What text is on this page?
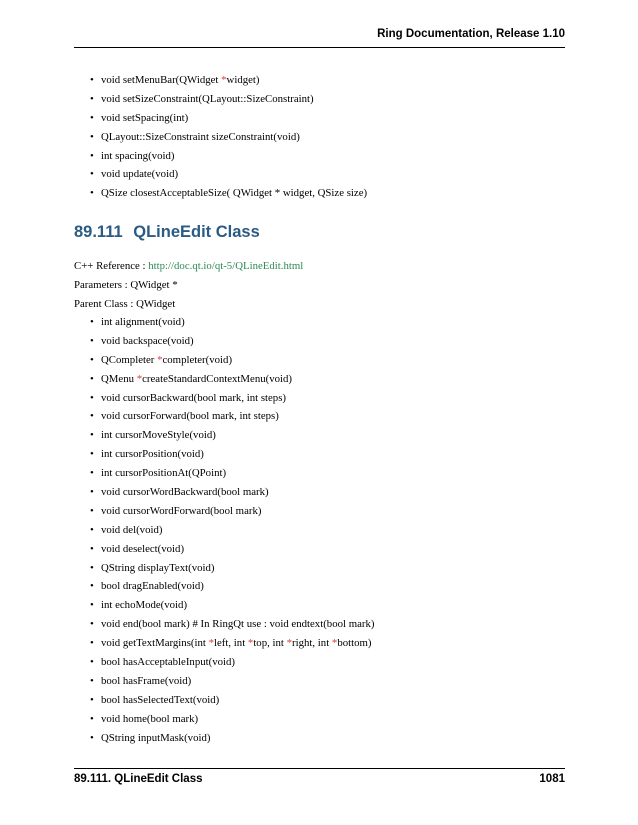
Ring Documentation, Release 1.10
• void setMenuBar(QWidget *widget)
• void setSizeConstraint(QLayout::SizeConstraint)
• void setSpacing(int)
• QLayout::SizeConstraint sizeConstraint(void)
• int spacing(void)
• void update(void)
• QSize closestAcceptableSize( QWidget * widget, QSize size)
89.111 QLineEdit Class
C++ Reference : http://doc.qt.io/qt-5/QLineEdit.html
Parameters : QWidget *
Parent Class : QWidget
• int alignment(void)
• void backspace(void)
• QCompleter *completer(void)
• QMenu *createStandardContextMenu(void)
• void cursorBackward(bool mark, int steps)
• void cursorForward(bool mark, int steps)
• int cursorMoveStyle(void)
• int cursorPosition(void)
• int cursorPositionAt(QPoint)
• void cursorWordBackward(bool mark)
• void cursorWordForward(bool mark)
• void del(void)
• void deselect(void)
• QString displayText(void)
• bool dragEnabled(void)
• int echoMode(void)
• void end(bool mark) # In RingQt use : void endtext(bool mark)
• void getTextMargins(int *left, int *top, int *right, int *bottom)
• bool hasAcceptableInput(void)
• bool hasFrame(void)
• bool hasSelectedText(void)
• void home(bool mark)
• QString inputMask(void)
89.111. QLineEdit Class	1081
